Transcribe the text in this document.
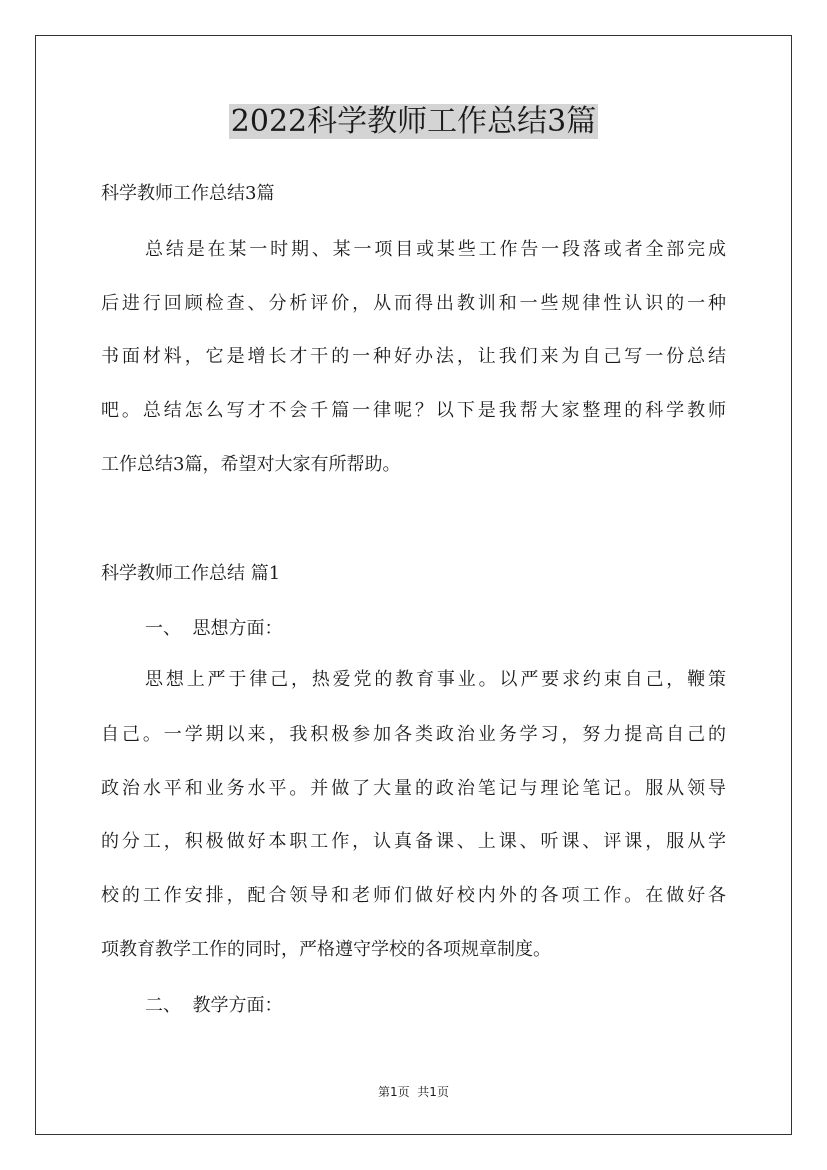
2022科学教师工作总结3篇
科学教师工作总结3篇
总结是在某一时期、某一项目或某些工作告一段落或者全部完成
后进行回顾检查、分析评价，从而得出教训和一些规律性认识的一种
书面材料，它是增长才干的一种好办法，让我们来为自己写一份总结
吧。总结怎么写才不会千篇一律呢？以下是我帮大家整理的科学教师
工作总结3篇，希望对大家有所帮助。
科学教师工作总结 篇1
一、  思想方面：
思想上严于律己，热爱党的教育事业。以严要求约束自己，鞭策
自己。一学期以来，我积极参加各类政治业务学习，努力提高自己的
政治水平和业务水平。并做了大量的政治笔记与理论笔记。服从领导
的分工，积极做好本职工作，认真备课、上课、听课、评课，服从学
校的工作安排，配合领导和老师们做好校内外的各项工作。在做好各
项教育教学工作的同时，严格遵守学校的各项规章制度。
二、  教学方面：
第1页  共1页
